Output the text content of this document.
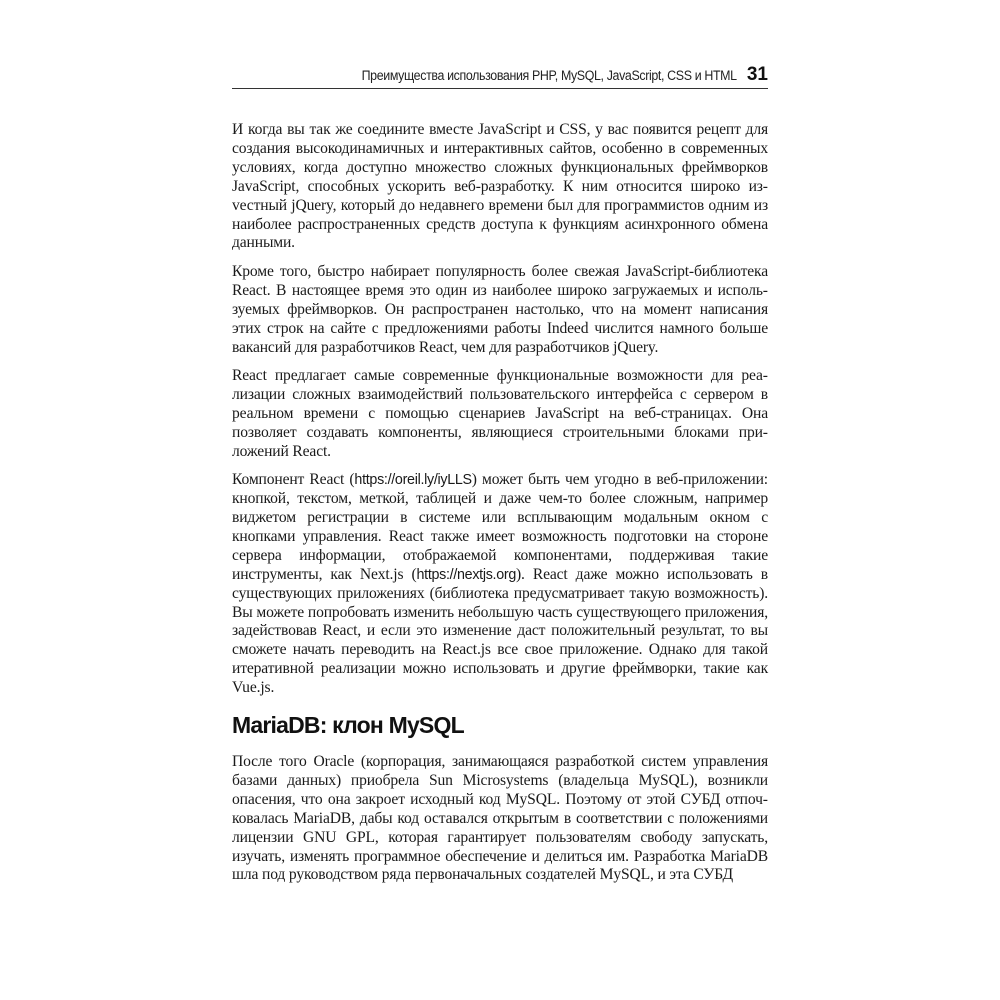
Преимущества использования PHP, MySQL, JavaScript, CSS и HTML 31

И когда вы так же соедините вместе JavaScript и CSS, у вас появится рецепт для создания высокодинамичных и интерактивных сайтов, особенно в современных условиях, когда доступно множество сложных функциональных фреймворков JavaScript, способных ускорить веб-разработку. К ним относится широко изvестный jQuery, который до недавнего времени был для программистов одним из наиболее распространенных средств доступа к функциям асинхронного обмена данными.

Кроме того, быстро набирает популярность более свежая JavaScript-библиотека React. В настоящее время это один из наиболее широко загружаемых и используемых фреймворков. Он распространен настолько, что на момент написания этих строк на сайте с предложениями работы Indeed числится намного больше вакансий для разработчиков React, чем для разработчиков jQuery.

React предлагает самые современные функциональные возможности для реализации сложных взаимодействий пользовательского интерфейса с сервером в реальном времени с помощью сценариев JavaScript на веб-страницах. Она позволяет создавать компоненты, являющиеся строительными блоками приложений React.

Компонент React (https://oreil.ly/iyLLS) может быть чем угодно в веб-приложении: кнопкой, текстом, меткой, таблицей и даже чем-то более сложным, например виджетом регистрации в системе или всплывающим модальным окном с кнопками управления. React также имеет возможность подготовки на стороне сервера информации, отображаемой компонентами, поддерживая такие инструменты, как Next.js (https://nextjs.org). React даже можно использовать в существующих приложениях (библиотека предусматривает такую возможность). Вы можете попробовать изменить небольшую часть существующего приложения, задействовав React, и если это изменение даст положительный результат, то вы сможете начать переводить на React.js все свое приложение. Однако для такой итеративной реализации можно использовать и другие фреймворки, такие как Vue.js.

MariaDB: клон MySQL

После того Oracle (корпорация, занимающаяся разработкой систем управления базами данных) приобрела Sun Microsystems (владельца MySQL), возникли опасения, что она закроет исходный код MySQL. Поэтому от этой СУБД отпочковалась MariaDB, дабы код оставался открытым в соответствии с положениями лицензии GNU GPL, которая гарантирует пользователям свободу запускать, изучать, изменять программное обеспечение и делиться им. Разработка MariaDB шла под руководством ряда первоначальных создателей MySQL, и эта СУБД
